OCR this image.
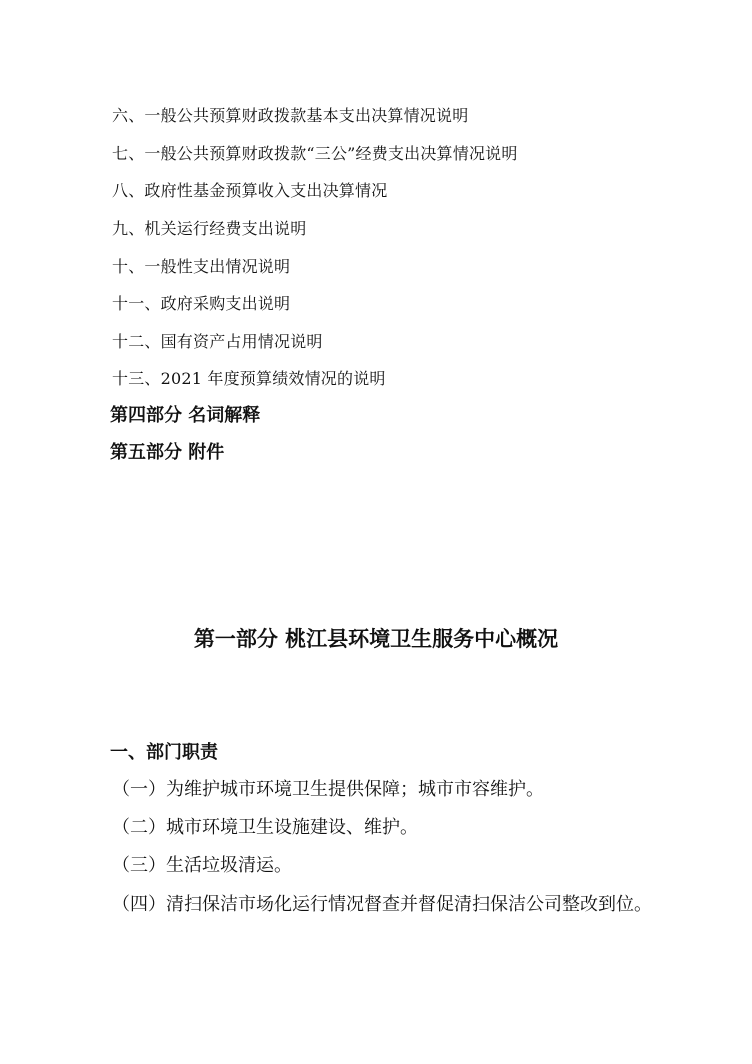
六、一般公共预算财政拨款基本支出决算情况说明
七、一般公共预算财政拨款“三公”经费支出决算情况说明
八、政府性基金预算收入支出决算情况
九、机关运行经费支出说明
十、一般性支出情况说明
十一、政府采购支出说明
十二、国有资产占用情况说明
十三、2021 年度预算绩效情况的说明
第四部分 名词解释
第五部分 附件
第一部分 桃江县环境卫生服务中心概况
一、部门职责
（一）为维护城市环境卫生提供保障；城市市容维护。
（二）城市环境卫生设施建设、维护。
（三）生活垃圾清运。
（四）清扫保洁市场化运行情况督查并督促清扫保洁公司整改到位。
